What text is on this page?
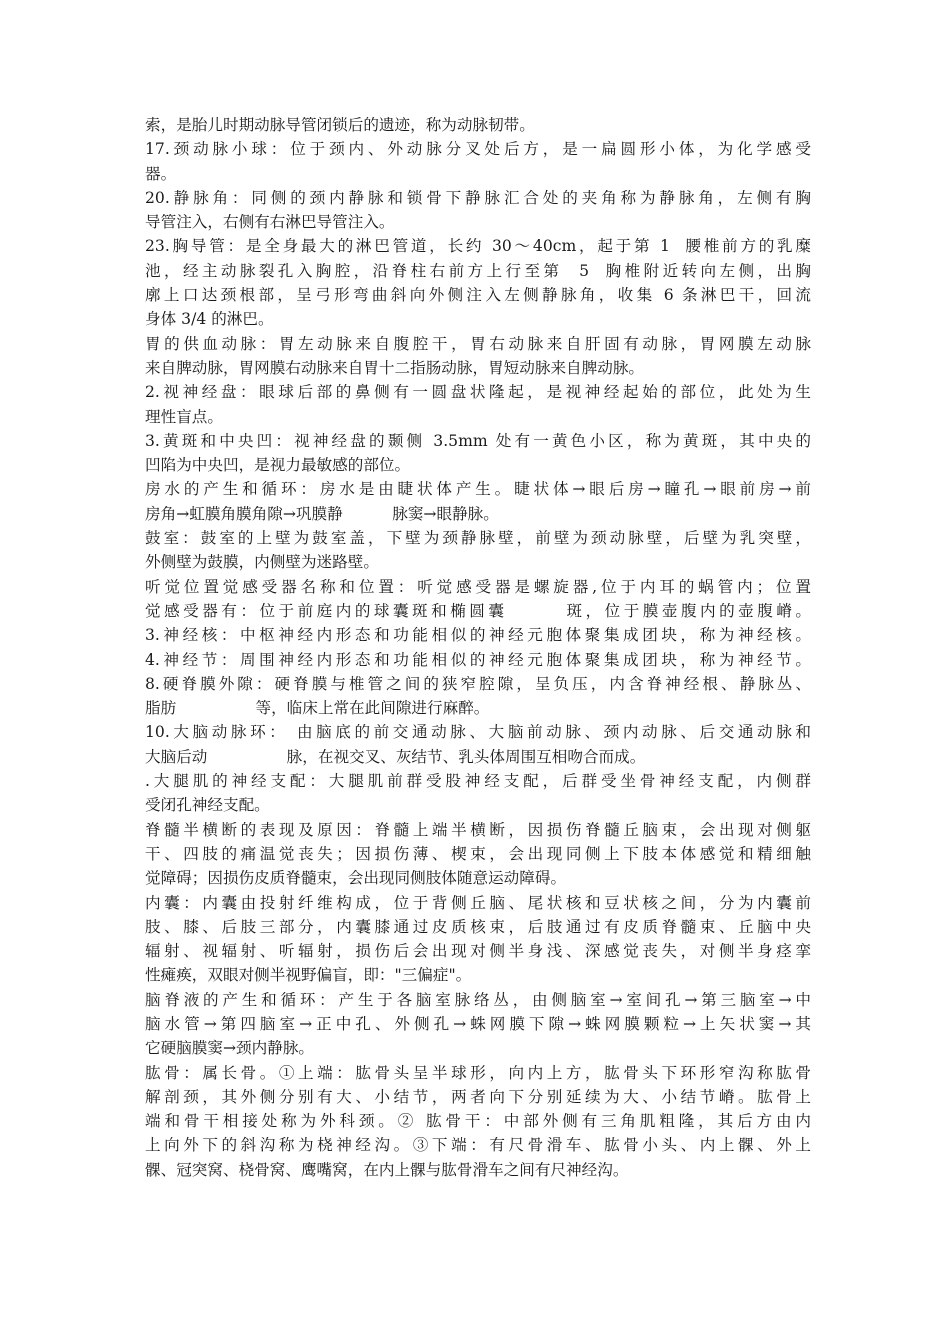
索，是胎儿时期动脉导管闭锁后的遗迹，称为动脉韧带。
17.颈动脉小球：位于颈内、外动脉分叉处后方，是一扁圆形小体，为化学感受
器。
20.静脉角：同侧的颈内静脉和锁骨下静脉汇合处的夹角称为静脉角，左侧有胸
导管注入，右侧有右淋巴导管注入。
23.胸导管：是全身最大的淋巴管道，长约 30～40cm，起于第 1  腰椎前方的乳糜
池，经主动脉裂孔入胸腔，沿脊柱右前方上行至第  5  胸椎附近转向左侧，出胸
廓上口达颈根部，呈弓形弯曲斜向外侧注入左侧静脉角，收集 6 条淋巴干，回流
身体 3/4 的淋巴。
胃的供血动脉：胃左动脉来自腹腔干，胃右动脉来自肝固有动脉，胃网膜左动脉
来自脾动脉，胃网膜右动脉来自胃十二指肠动脉，胃短动脉来自脾动脉。
2.视神经盘：眼球后部的鼻侧有一圆盘状隆起，是视神经起始的部位，此处为生
理性盲点。
3.黄斑和中央凹：视神经盘的颞侧 3.5mm 处有一黄色小区，称为黄斑，其中央的
凹陷为中央凹，是视力最敏感的部位。
房水的产生和循环：房水是由睫状体产生。睫状体→眼后房→瞳孔→眼前房→前
房角→虹膜角膜角隙→巩膜静          脉窦→眼静脉。
鼓室：鼓室的上壁为鼓室盖，下壁为颈静脉壁，前壁为颈动脉壁，后壁为乳突壁，
外侧壁为鼓膜，内侧壁为迷路壁。
听觉位置觉感受器名称和位置：听觉感受器是螺旋器,位于内耳的蜗管内；位置
觉感受器有：位于前庭内的球囊斑和椭圆囊       斑，位于膜壶腹内的壶腹嵴。
3.神经核：中枢神经内形态和功能相似的神经元胞体聚集成团块，称为神经核。
4.神经节：周围神经内形态和功能相似的神经元胞体聚集成团块，称为神经节。
8.硬脊膜外隙：硬脊膜与椎管之间的狭窄腔隙，呈负压，内含脊神经根、静脉丛、
脂肪                等，临床上常在此间隙进行麻醉。
10.大脑动脉环： 由脑底的前交通动脉、大脑前动脉、颈内动脉、后交通动脉和
大脑后动                脉，在视交叉、灰结节、乳头体周围互相吻合而成。
.大腿肌的神经支配：大腿肌前群受股神经支配，后群受坐骨神经支配，内侧群
受闭孔神经支配。
脊髓半横断的表现及原因：脊髓上端半横断，因损伤脊髓丘脑束，会出现对侧躯
干、四肢的痛温觉丧失；因损伤薄、楔束，会出现同侧上下肢本体感觉和精细触
觉障碍；因损伤皮质脊髓束，会出现同侧肢体随意运动障碍。
内囊：内囊由投射纤维构成，位于背侧丘脑、尾状核和豆状核之间，分为内囊前
肢、膝、后肢三部分，内囊膝通过皮质核束，后肢通过有皮质脊髓束、丘脑中央
辐射、视辐射、听辐射，损伤后会出现对侧半身浅、深感觉丧失，对侧半身痉挛
性瘫痪，双眼对侧半视野偏盲，即："三偏症"。
脑脊液的产生和循环：产生于各脑室脉络丛，由侧脑室→室间孔→第三脑室→中
脑水管→第四脑室→正中孔、外侧孔→蛛网膜下隙→蛛网膜颗粒→上矢状窦→其
它硬脑膜窦→颈内静脉。
肱骨：属长骨。①上端：肱骨头呈半球形，向内上方，肱骨头下环形窄沟称肱骨
解剖颈，其外侧分别有大、小结节，两者向下分别延续为大、小结节嵴。肱骨上
端和骨干相接处称为外科颈。② 肱骨干：中部外侧有三角肌粗隆，其后方由内
上向外下的斜沟称为桡神经沟。③下端：有尺骨滑车、肱骨小头、内上髁、外上
髁、冠突窝、桡骨窝、鹰嘴窝，在内上髁与肱骨滑车之间有尺神经沟。
